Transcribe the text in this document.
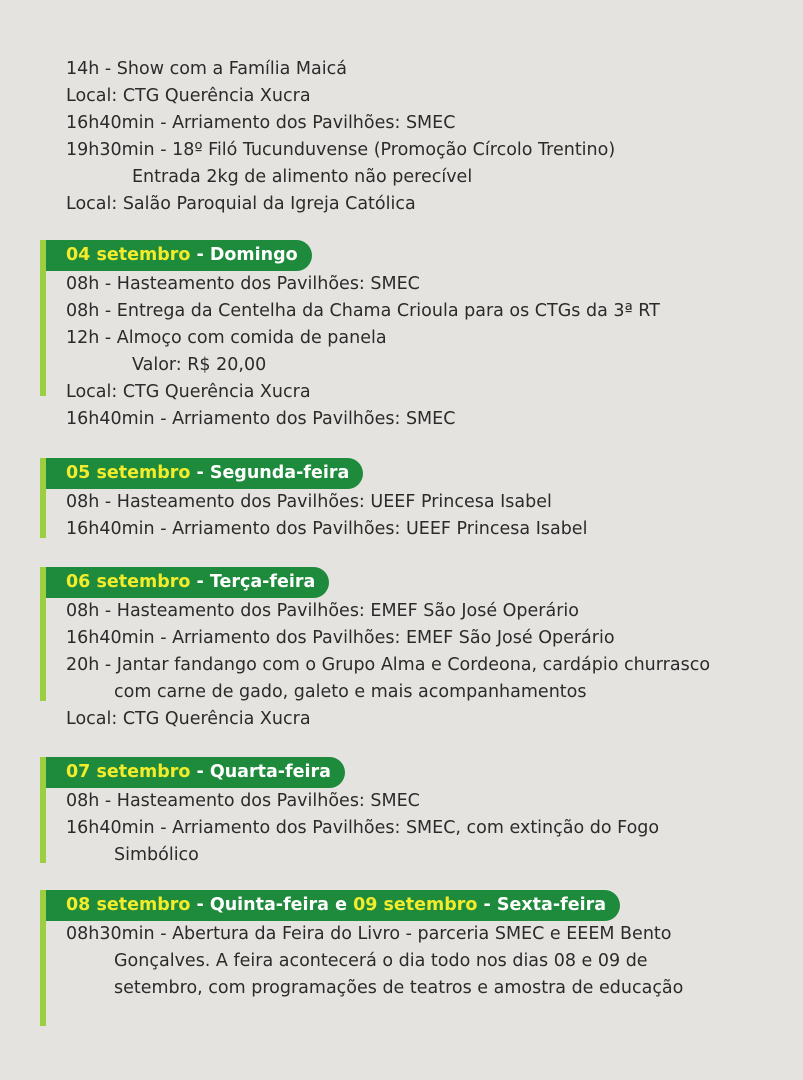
14h - Show com a Família Maicá
Local: CTG Querência Xucra
16h40min - Arriamento dos Pavilhões: SMEC
19h30min - 18º Filó Tucunduvense (Promoção Círcolo Trentino)
Entrada 2kg de alimento não perecível
Local: Salão Paroquial da Igreja Católica
04 setembro - Domingo
08h - Hasteamento dos Pavilhões: SMEC
08h - Entrega da Centelha da Chama Crioula para os CTGs da 3ª RT
12h - Almoço com comida de panela
Valor: R$ 20,00
Local: CTG Querência Xucra
16h40min - Arriamento dos Pavilhões: SMEC
05 setembro - Segunda-feira
08h - Hasteamento dos Pavilhões: UEEF Princesa Isabel
16h40min - Arriamento dos Pavilhões: UEEF Princesa Isabel
06 setembro - Terça-feira
08h - Hasteamento dos Pavilhões: EMEF São José Operário
16h40min - Arriamento dos Pavilhões: EMEF São José Operário
20h - Jantar fandango com o Grupo Alma e Cordeona, cardápio churrasco
com carne de gado, galeto e mais acompanhamentos
Local: CTG Querência Xucra
07 setembro - Quarta-feira
08h - Hasteamento dos Pavilhões: SMEC
16h40min - Arriamento dos Pavilhões: SMEC, com extinção do Fogo
Simbólico
08 setembro - Quinta-feira e 09 setembro - Sexta-feira
08h30min - Abertura da Feira do Livro - parceria SMEC e EEEM Bento
Gonçalves. A feira acontecerá o dia todo nos dias 08 e 09 de
setembro, com programações de teatros e amostra de educação
